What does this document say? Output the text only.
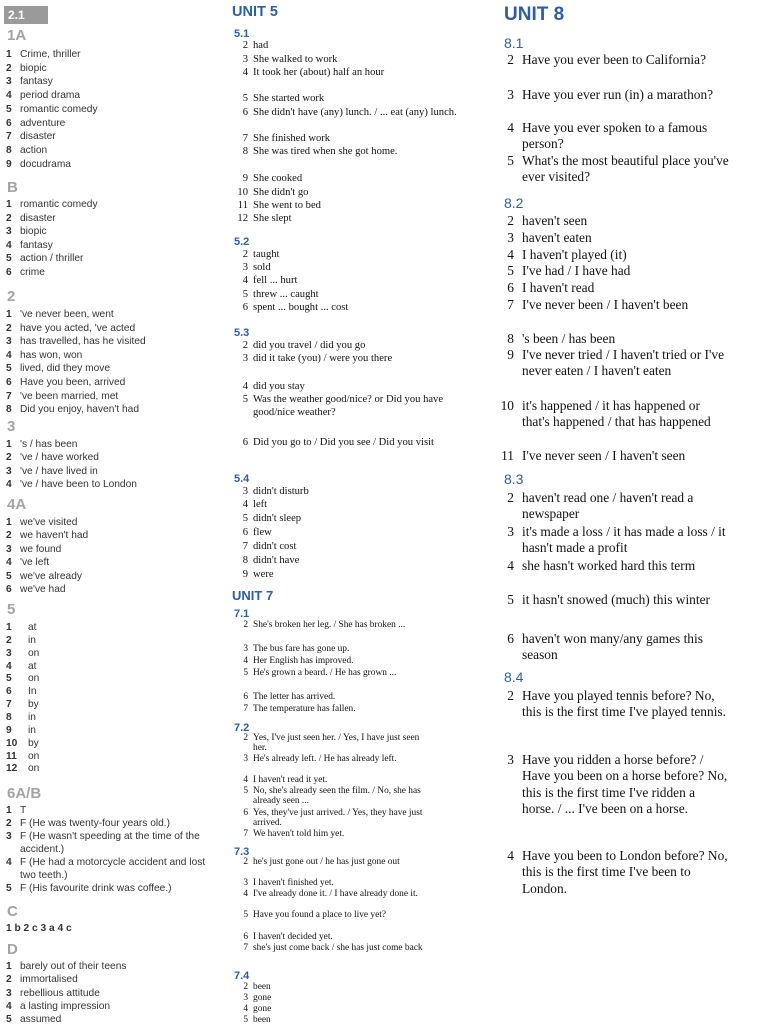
2.1
1A
1 Crime, thriller
2 biopic
3 fantasy
4 period drama
5 romantic comedy
6 adventure
7 disaster
8 action
9 docudrama
B
1 romantic comedy
2 disaster
3 biopic
4 fantasy
5 action / thriller
6 crime
2
1 've never been, went
2 have you acted, 've acted
3 has travelled, has he visited
4 has won, won
5 lived, did they move
6 Have you been, arrived
7 've been married, met
8 Did you enjoy, haven't had
3
1 's / has been
2 've / have worked
3 've / have lived in
4 've / have been to London
4A
1 we've visited
2 we haven't had
3 we found
4 've left
5 we've already
6 we've had
5
1 at
2 in
3 on
4 at
5 on
6 In
7 by
8 in
9 in
10 by
11 on
12 on
6A/B
1 T
2 F (He was twenty-four years old.)
3 F (He wasn't speeding at the time of the accident.)
4 F (He had a motorcycle accident and lost two teeth.)
5 F (His favourite drink was coffee.)
C
1 b 2 c 3 a 4 c
D
1 barely out of their teens
2 immortalised
3 rebellious attitude
4 a lasting impression
5 assumed
UNIT 5
5.1
2 had
3 She walked to work
4 It took her (about) half an hour
5 She started work
6 She didn't have (any) lunch. / ... eat (any) lunch.
7 She finished work
8 She was tired when she got home.
9 She cooked
10 She didn't go
11 She went to bed
12 She slept
5.2
2 taught
3 sold
4 fell ... hurt
5 threw ... caught
6 spent ... bought ... cost
5.3
2 did you travel / did you go
3 did it take (you) / were you there
4 did you stay
5 Was the weather good/nice? or Did you have good/nice weather?
6 Did you go to / Did you see / Did you visit
5.4
3 didn't disturb
4 left
5 didn't sleep
6 flew
7 didn't cost
8 didn't have
9 were
UNIT 7
7.1
2 She's broken her leg. / She has broken ...
3 The bus fare has gone up.
4 Her English has improved.
5 He's grown a beard. / He has grown ...
6 The letter has arrived.
7 The temperature has fallen.
7.2
2 Yes, I've just seen her. / Yes, I have just seen her.
3 He's already left. / He has already left.
4 I haven't read it yet.
5 No, she's already seen the film. / No, she has already seen ...
6 Yes, they've just arrived. / Yes, they have just arrived.
7 We haven't told him yet.
7.3
2 he's just gone out / he has just gone out
3 I haven't finished yet.
4 I've already done it. / I have already done it.
5 Have you found a place to live yet?
6 I haven't decided yet.
7 she's just come back / she has just come back
7.4
2 been
3 gone
4 gone
5 been
UNIT 8
8.1
2 Have you ever been to California?
3 Have you ever run (in) a marathon?
4 Have you ever spoken to a famous person?
5 What's the most beautiful place you've ever visited?
8.2
2 haven't seen
3 haven't eaten
4 I haven't played (it)
5 I've had / I have had
6 I haven't read
7 I've never been / I haven't been
8 's been / has been
9 I've never tried / I haven't tried or I've never eaten / I haven't eaten
10 it's happened / it has happened or that's happened / that has happened
11 I've never seen / I haven't seen
8.3
2 haven't read one / haven't read a newspaper
3 it's made a loss / it has made a loss / it hasn't made a profit
4 she hasn't worked hard this term
5 it hasn't snowed (much) this winter
6 haven't won many/any games this season
8.4
2 Have you played tennis before? No, this is the first time I've played tennis.
3 Have you ridden a horse before? / Have you been on a horse before? No, this is the first time I've ridden a horse. / ... I've been on a horse.
4 Have you been to London before? No, this is the first time I've been to London.
